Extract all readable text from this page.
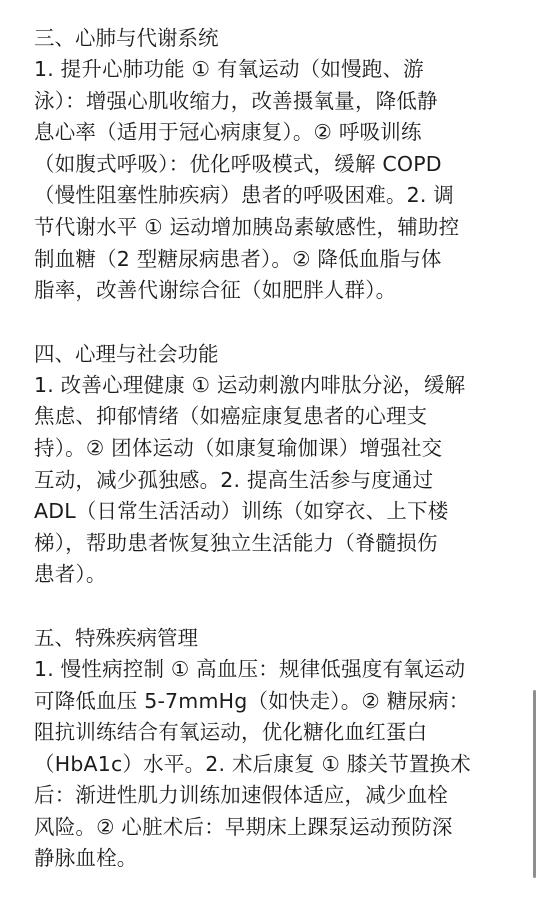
三、心肺与代谢系统
1. 提升心肺功能 ① 有氧运动（如慢跑、游
泳）：增强心肌收缩力，改善摄氧量，降低静
息心率（适用于冠心病康复）。② 呼吸训练
（如腹式呼吸）：优化呼吸模式，缓解 COPD
（慢性阻塞性肺疾病）患者的呼吸困难。2. 调
节代谢水平 ① 运动增加胰岛素敏感性，辅助控
制血糖（2 型糖尿病患者）。② 降低血脂与体
脂率，改善代谢综合征（如肥胖人群）。
四、心理与社会功能
1. 改善心理健康 ① 运动刺激内啡肽分泌，缓解
焦虑、抑郁情绪（如癌症康复患者的心理支
持）。② 团体运动（如康复瑜伽课）增强社交
互动，减少孤独感。2. 提高生活参与度通过
ADL（日常生活活动）训练（如穿衣、上下楼
梯），帮助患者恢复独立生活能力（脊髓损伤
患者）。
五、特殊疾病管理
1. 慢性病控制 ① 高血压：规律低强度有氧运动
可降低血压 5-7mmHg（如快走）。② 糖尿病：
阻抗训练结合有氧运动，优化糖化血红蛋白
（HbA1c）水平。2. 术后康复 ① 膝关节置换术
后：渐进性肌力训练加速假体适应，减少血栓
风险。② 心脏术后：早期床上踝泵运动预防深
静脉血栓。
